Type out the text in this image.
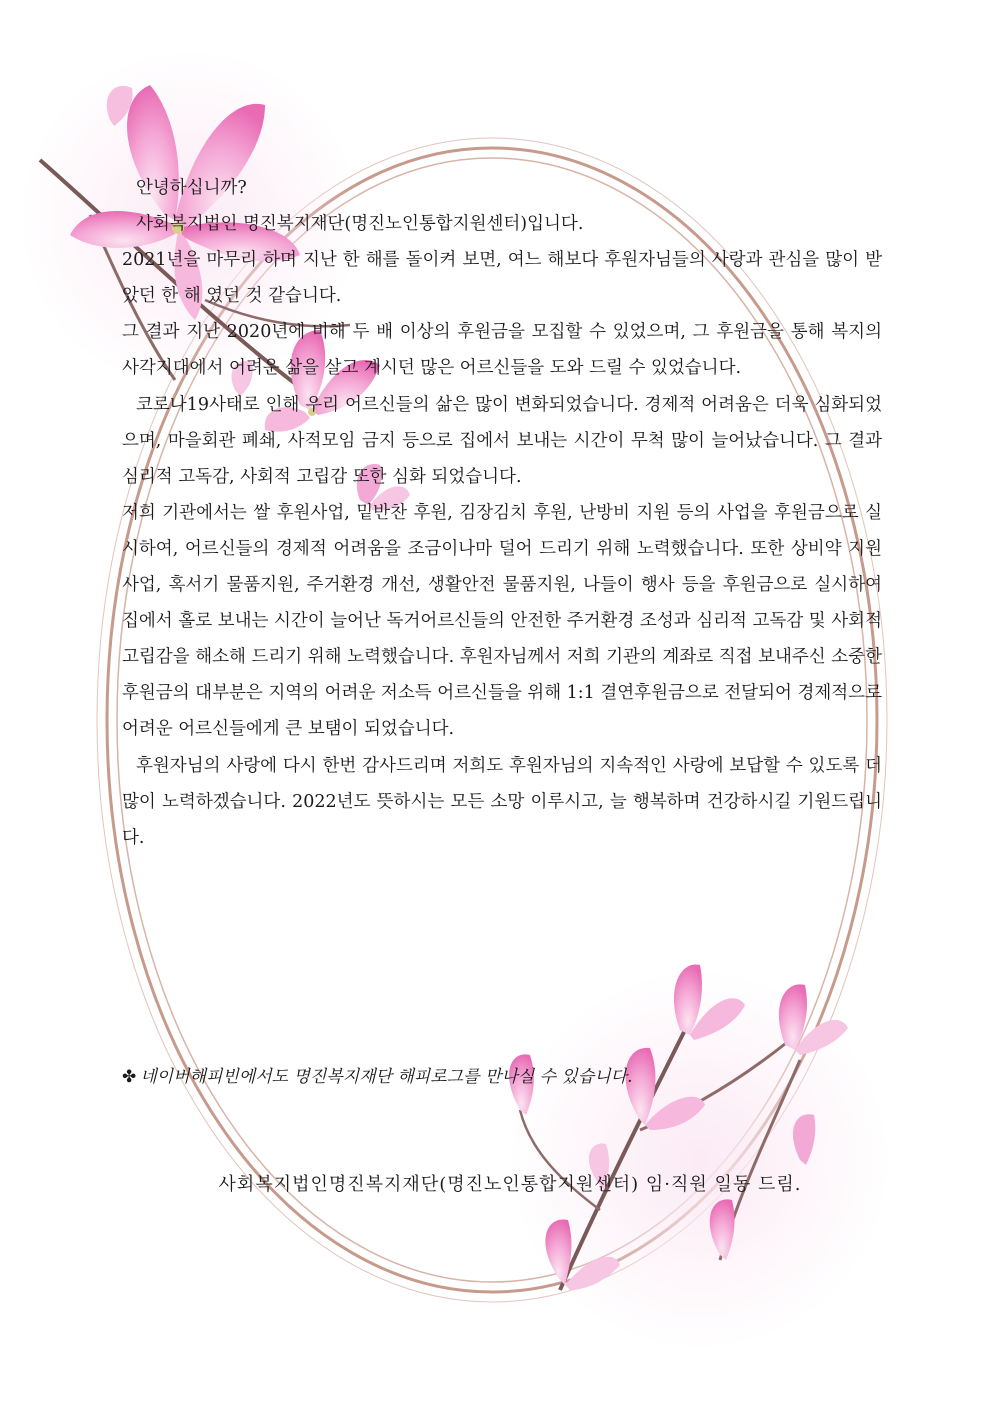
안녕하십니까?

사회복지법인 명진복지재단(명진노인통합지원센터)입니다.

2021년을 마무리 하며 지난 한 해를 돌이켜 보면, 여느 해보다 후원자님들의 사랑과 관심을 많이 받았던 한 해 였던 것 같습니다.

그 결과 지난 2020년에 비해 두 배 이상의 후원금을 모집할 수 있었으며, 그 후원금을 통해 복지의 사각지대에서 어려운 삶을 살고 계시던 많은 어르신들을 도와 드릴 수 있었습니다.

코로나19사태로 인해 우리 어르신들의 삶은 많이 변화되었습니다. 경제적 어려움은 더욱 심화되었으며, 마을회관 폐쇄, 사적모임 금지 등으로 집에서 보내는 시간이 무척 많이 늘어났습니다. 그 결과 심리적 고독감, 사회적 고립감 또한 심화 되었습니다.

저희 기관에서는 쌀 후원사업, 밑반찬 후원, 김장김치 후원, 난방비 지원 등의 사업을 후원금으로 실시하여, 어르신들의 경제적 어려움을 조금이나마 덜어 드리기 위해 노력했습니다. 또한 상비약 지원사업, 혹서기 물품지원, 주거환경 개선, 생활안전 물품지원, 나들이 행사 등을 후원금으로 실시하여 집에서 홀로 보내는 시간이 늘어난 독거어르신들의 안전한 주거환경 조성과 심리적 고독감 및 사회적 고립감을 해소해 드리기 위해 노력했습니다. 후원자님께서 저희 기관의 계좌로 직접 보내주신 소중한 후원금의 대부분은 지역의 어려운 저소득 어르신들을 위해 1:1 결연후원금으로 전달되어 경제적으로 어려운 어르신들에게 큰 보탬이 되었습니다.

후원자님의 사랑에 다시 한번 감사드리며 저희도 후원자님의 지속적인 사랑에 보답할 수 있도록 더 많이 노력하겠습니다. 2022년도 뜻하시는 모든 소망 이루시고, 늘 행복하며 건강하시길 기원드립니다.

✤ 네이버해피빈에서도 명진복지재단 해피로그를 만나실 수 있습니다.
사회복지법인명진복지재단(명진노인통합지원센터) 임·직원 일동 드림.
